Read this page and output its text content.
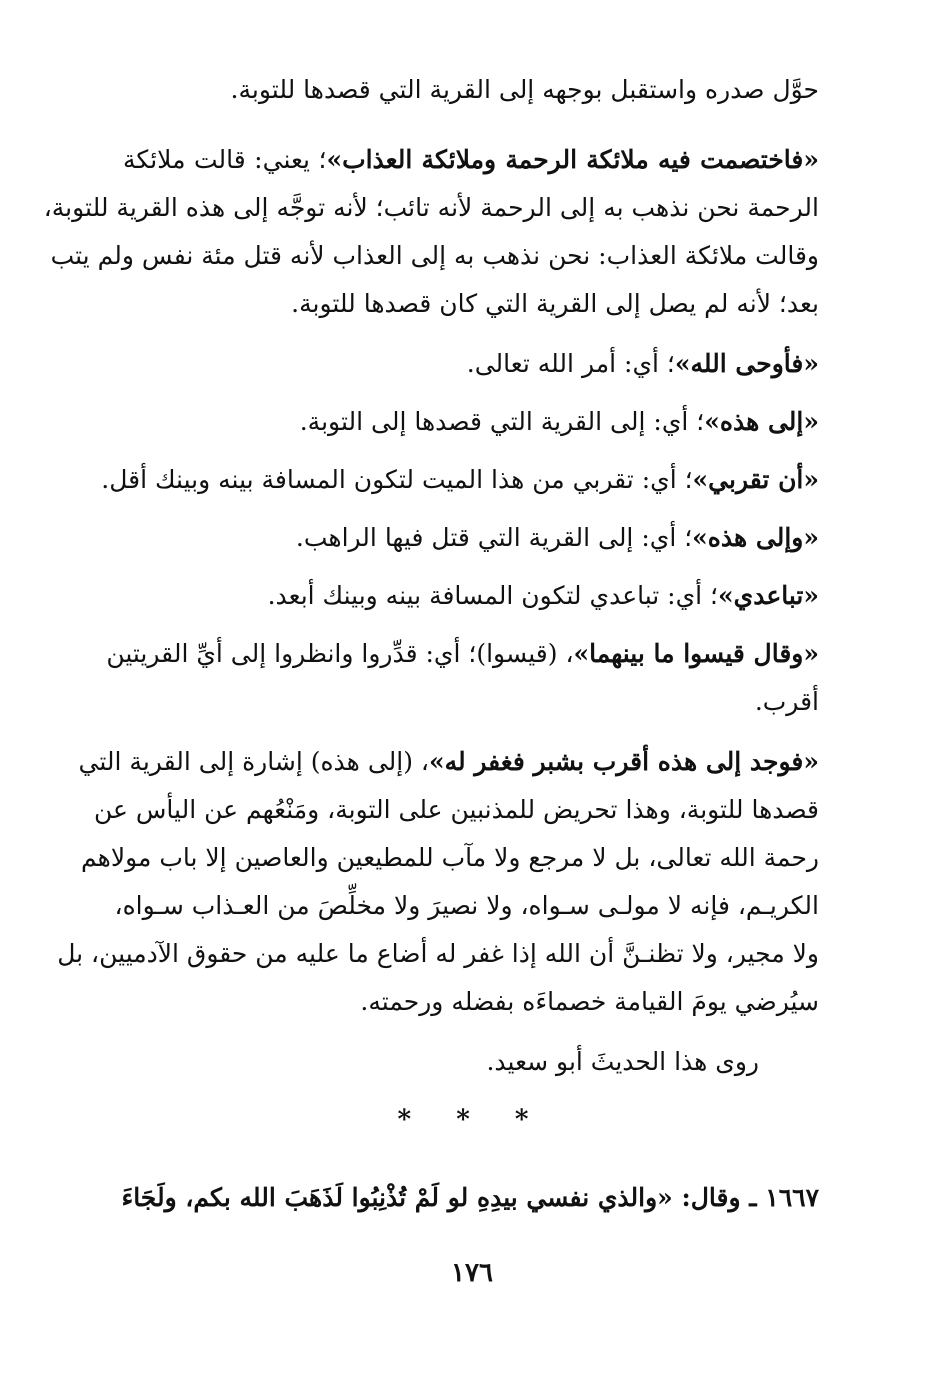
حوَّل صدره واستقبل بوجهه إلى القرية التي قصدها للتوبة.
«فاختصمت فيه ملائكة الرحمة وملائكة العذاب»؛ يعني: قالت ملائكة
الرحمة نحن نذهب به إلى الرحمة لأنه تائب؛ لأنه توجَّه إلى هذه القرية للتوبة،
وقالت ملائكة العذاب: نحن نذهب به إلى العذاب لأنه قتل مئة نفس ولم يتب
بعد؛ لأنه لم يصل إلى القرية التي كان قصدها للتوبة.
«فأوحى الله»؛ أي: أمر الله تعالى.
«إلى هذه»؛ أي: إلى القرية التي قصدها إلى التوبة.
«أن تقربي»؛ أي: تقربي من هذا الميت لتكون المسافة بينه وبينك أقل.
«وإلى هذه»؛ أي: إلى القرية التي قتل فيها الراهب.
«تباعدي»؛ أي: تباعدي لتكون المسافة بينه وبينك أبعد.
«وقال قيسوا ما بينهما»، (قيسوا)؛ أي: قدِّروا وانظروا إلى أيِّ القريتين
أقرب.
«فوجد إلى هذه أقرب بشبر فغفر له»، (إلى هذه) إشارة إلى القرية التي
قصدها للتوبة، وهذا تحريض للمذنبين على التوبة، ومَنْعُهم عن اليأس عن
رحمة الله تعالى، بل لا مرجع ولا مآب للمطيعين والعاصين إلا باب مولاهم
الكريـم، فإنه لا مولـى سـواه، ولا نصيرَ ولا مخلِّصَ من العـذاب سـواه،
ولا مجير، ولا تظنـنَّ أن الله إذا غفر له أضاع ما عليه من حقوق الآدميين، بل
سيُرضي يومَ القيامة خصماءَه بفضله ورحمته.
روى هذا الحديثَ أبو سعيد.
١٦٦٧ ـ وقال: «والذي نفسي بيدِهِ لو لَمْ تُذْنِبُوا لَذَهَبَ الله بكم، ولَجَاءَ
* * *
١٧٦
